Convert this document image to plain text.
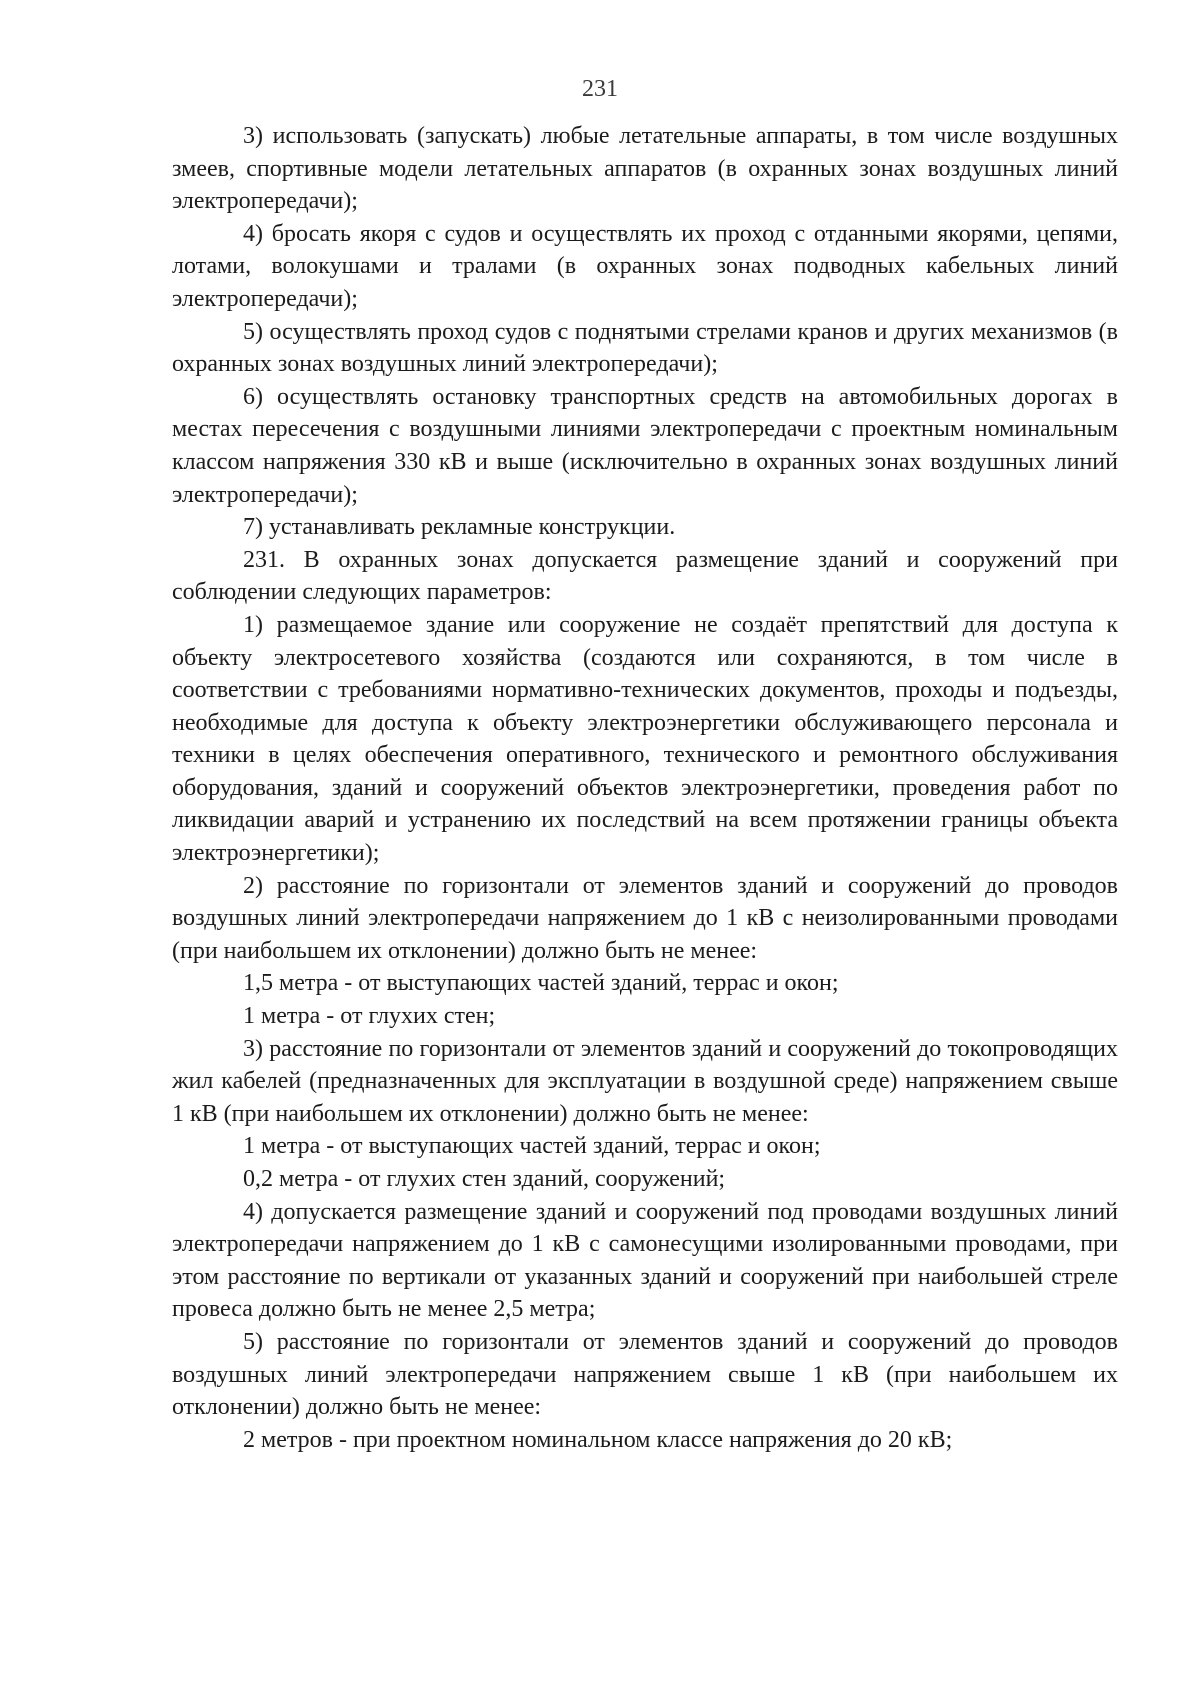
231

3) использовать (запускать) любые летательные аппараты, в том числе воздушных змеев, спортивные модели летательных аппаратов (в охранных зонах воздушных линий электропередачи);

4) бросать якоря с судов и осуществлять их проход с отданными якорями, цепями, лотами, волокушами и тралами (в охранных зонах подводных кабельных линий электропередачи);

5) осуществлять проход судов с поднятыми стрелами кранов и других механизмов (в охранных зонах воздушных линий электропередачи);

6) осуществлять остановку транспортных средств на автомобильных дорогах в местах пересечения с воздушными линиями электропередачи с проектным номинальным классом напряжения 330 кВ и выше (исключительно в охранных зонах воздушных линий электропередачи);

7) устанавливать рекламные конструкции.

231. В охранных зонах допускается размещение зданий и сооружений при соблюдении следующих параметров:

1) размещаемое здание или сооружение не создаёт препятствий для доступа к объекту электросетевого хозяйства (создаются или сохраняются, в том числе в соответствии с требованиями нормативно-технических документов, проходы и подъезды, необходимые для доступа к объекту электроэнергетики обслуживающего персонала и техники в целях обеспечения оперативного, технического и ремонтного обслуживания оборудования, зданий и сооружений объектов электроэнергетики, проведения работ по ликвидации аварий и устранению их последствий на всем протяжении границы объекта электроэнергетики);

2) расстояние по горизонтали от элементов зданий и сооружений до проводов воздушных линий электропередачи напряжением до 1 кВ с неизолированными проводами (при наибольшем их отклонении) должно быть не менее:

1,5 метра - от выступающих частей зданий, террас и окон;

1 метра - от глухих стен;

3) расстояние по горизонтали от элементов зданий и сооружений до токопроводящих жил кабелей (предназначенных для эксплуатации в воздушной среде) напряжением свыше 1 кВ (при наибольшем их отклонении) должно быть не менее:

1 метра - от выступающих частей зданий, террас и окон;

0,2 метра - от глухих стен зданий, сооружений;

4) допускается размещение зданий и сооружений под проводами воздушных линий электропередачи напряжением до 1 кВ с самонесущими изолированными проводами, при этом расстояние по вертикали от указанных зданий и сооружений при наибольшей стреле провеса должно быть не менее 2,5 метра;

5) расстояние по горизонтали от элементов зданий и сооружений до проводов воздушных линий электропередачи напряжением свыше 1 кВ (при наибольшем их отклонении) должно быть не менее:

2 метров - при проектном номинальном классе напряжения до 20 кВ;
